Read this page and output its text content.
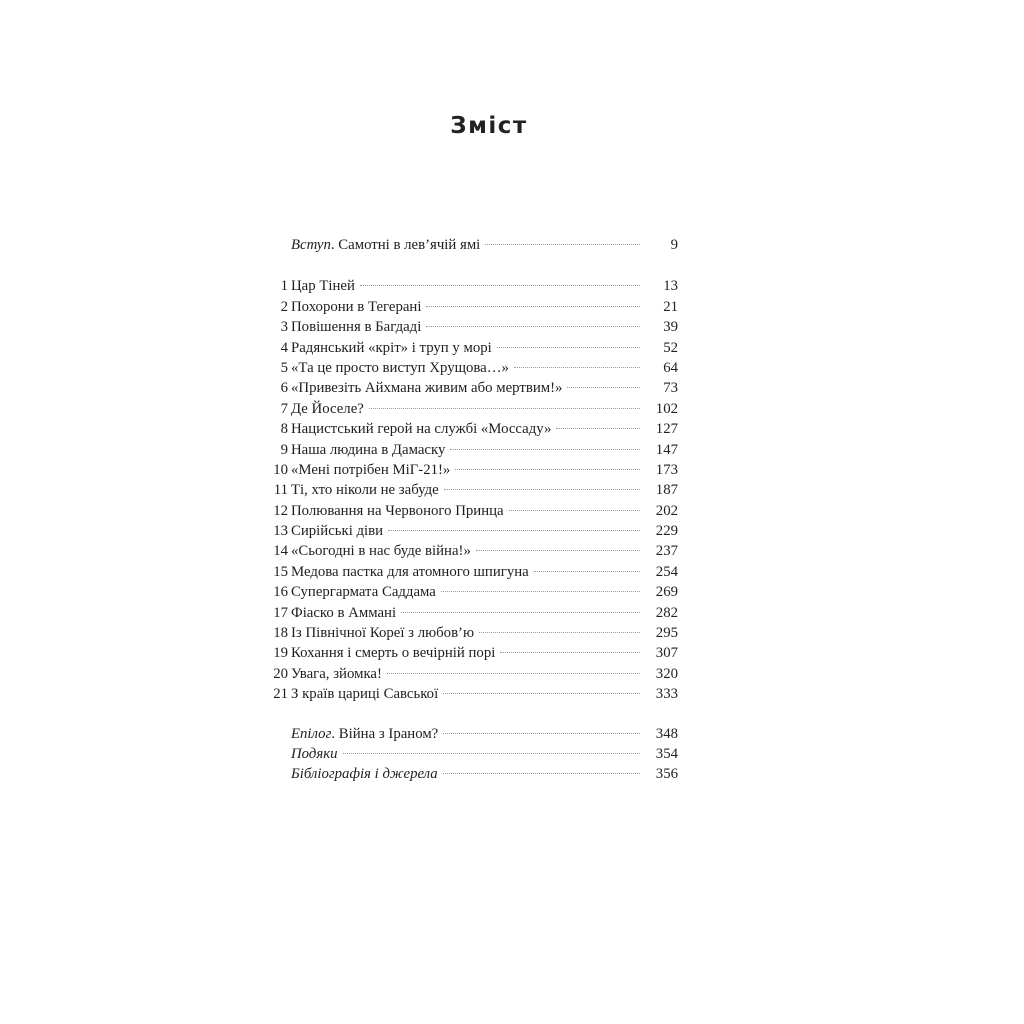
Зміст
Вступ. Самотні в лев’ячій ямі	9
1 Цар Тіней	13
2 Похорони в Тегерані	21
3 Повішення в Багдаді	39
4 Радянський «кріт» і труп у морі	52
5 «Та це просто виступ Хрущова…»	64
6 «Привезіть Айхмана живим або мертвим!»	73
7 Де Йоселе?	102
8 Нацистський герой на службі «Моссаду»	127
9 Наша людина в Дамаску	147
10 «Мені потрібен МіГ-21!»	173
11 Ті, хто ніколи не забуде	187
12 Полювання на Червоного Принца	202
13 Сирійські діви	229
14 «Сьогодні в нас буде війна!»	237
15 Медова пастка для атомного шпигуна	254
16 Супергармата Саддама	269
17 Фіаско в Аммані	282
18 Із Північної Кореї з любов’ю	295
19 Кохання і смерть о вечірній порі	307
20 Увага, зйомка!	320
21 З країв цариці Савської	333
Епілог. Війна з Іраном?	348
Подяки	354
Бібліографія і джерела	356
